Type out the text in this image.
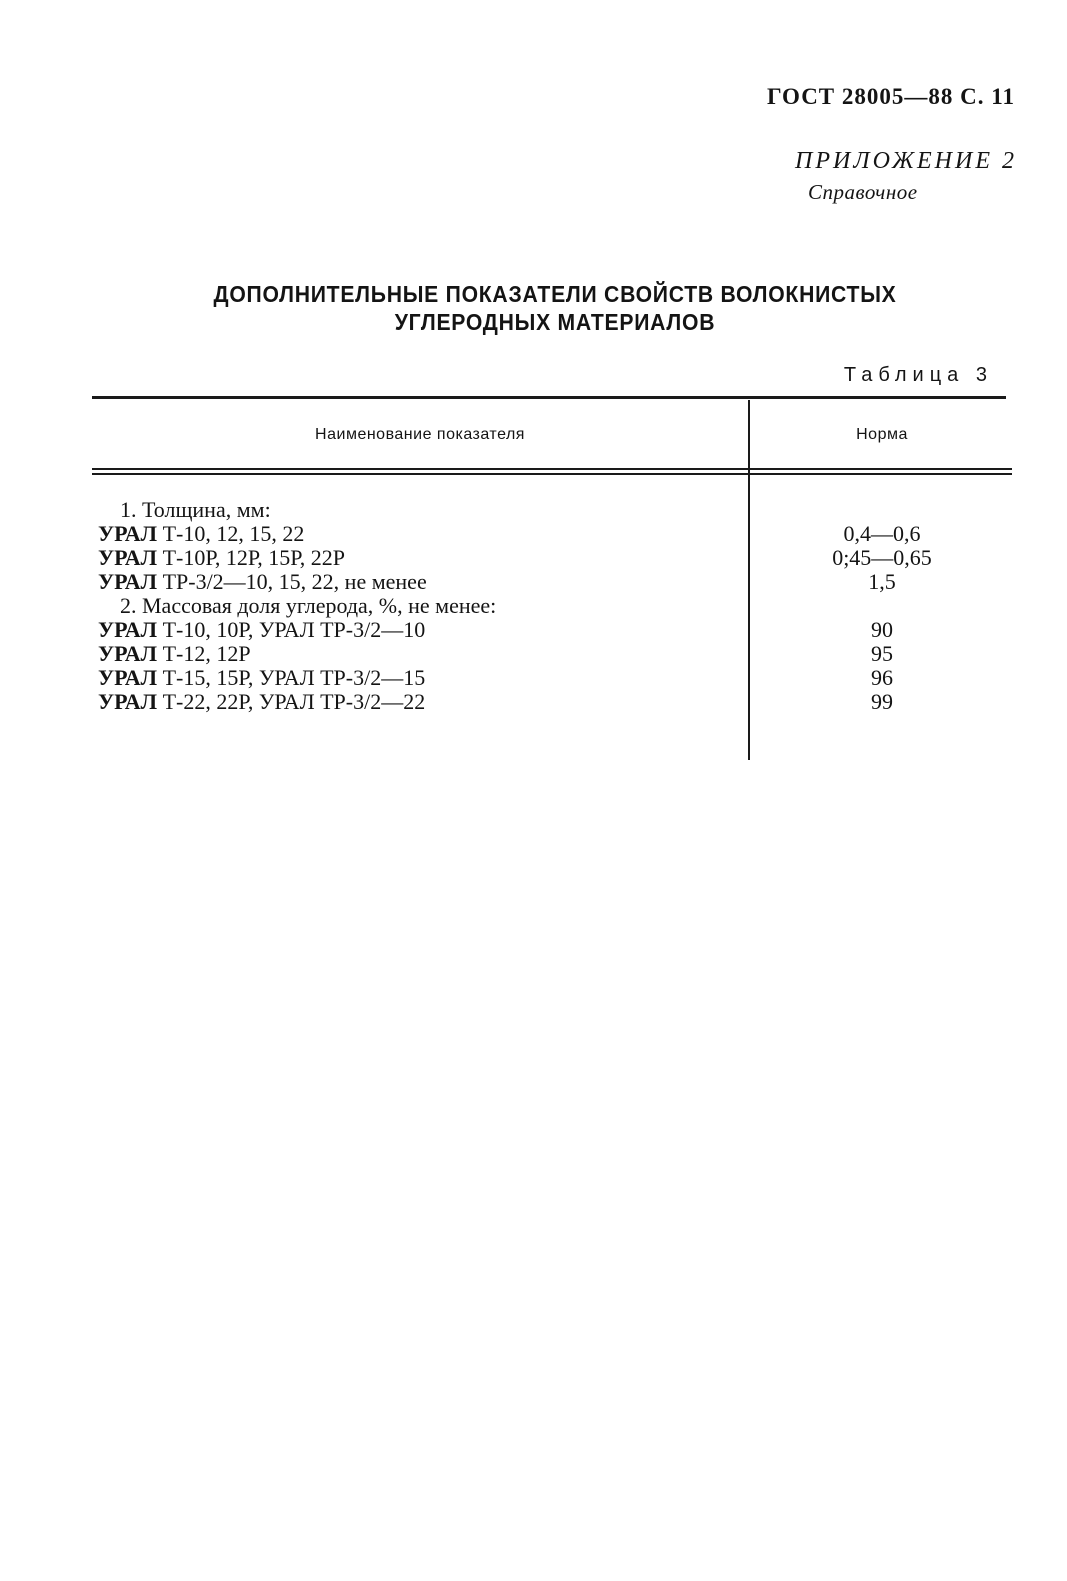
ГОСТ 28005—88 С. 11
ПРИЛОЖЕНИЕ 2
Справочное
ДОПОЛНИТЕЛЬНЫЕ ПОКАЗАТЕЛИ СВОЙСТВ ВОЛОКНИСТЫХ
УГЛЕРОДНЫХ МАТЕРИАЛОВ
Таблица 3
Наименование показателя	Норма
1. Толщина, мм:
УРАЛ Т-10, 12, 15, 22	0,4—0,6
УРАЛ Т-10Р, 12Р, 15Р, 22Р	0;45—0,65
УРАЛ ТР-3/2—10, 15, 22, не менее	1,5
2. Массовая доля углерода, %, не менее:
УРАЛ Т-10, 10Р, УРАЛ ТР-3/2—10	90
УРАЛ Т-12, 12Р	95
УРАЛ Т-15, 15Р, УРАЛ ТР-3/2—15	96
УРАЛ Т-22, 22Р, УРАЛ ТР-3/2—22	99
